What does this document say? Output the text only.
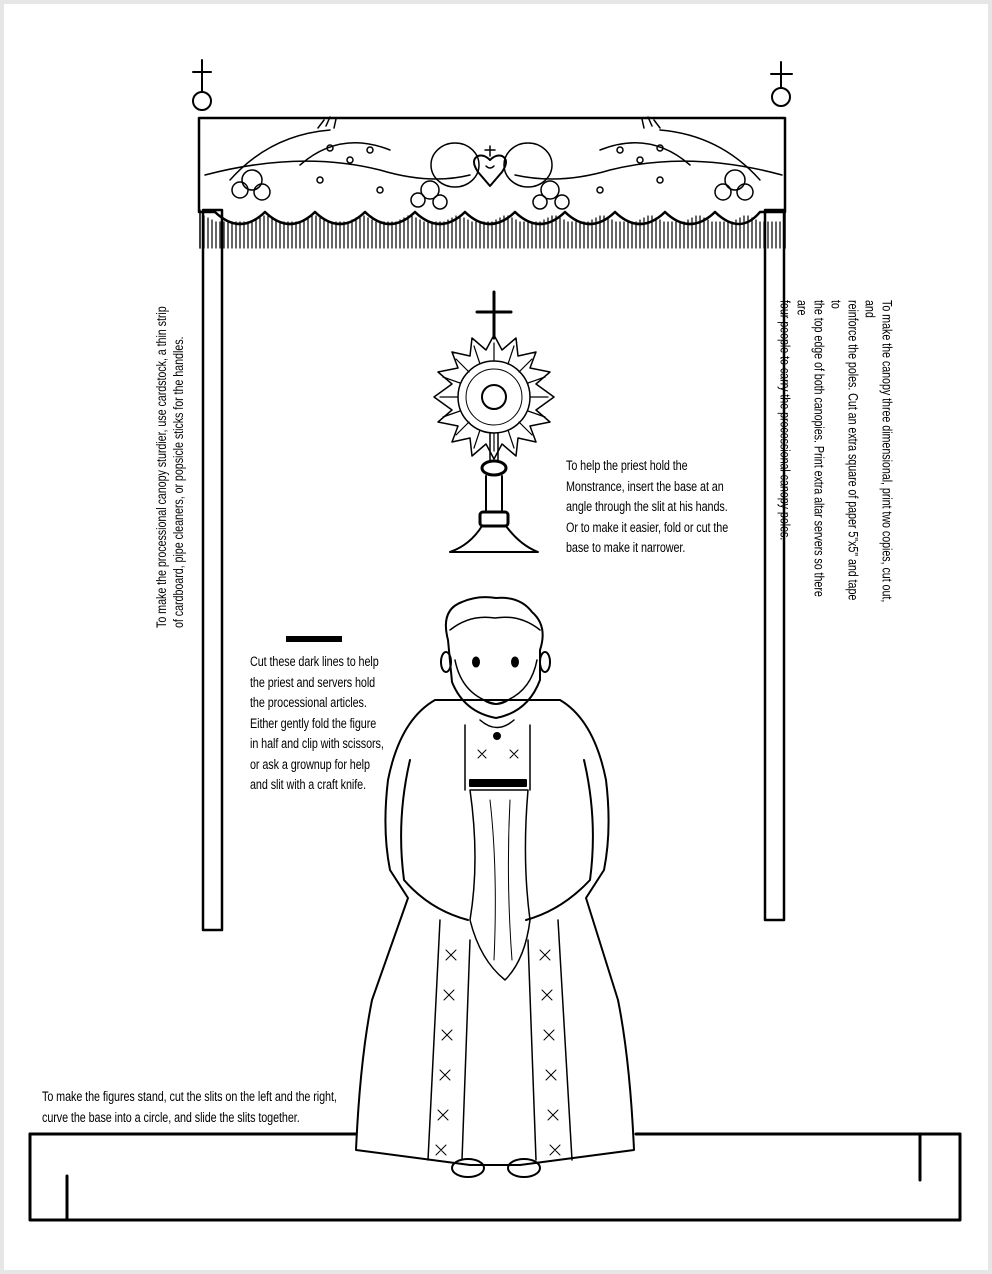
To make the processional canopy sturdier, use cardstock, a thin strip
of cardboard, pipe cleaners, or popsicle sticks for the handles.
To make the canopy three dimensional, print two copies, cut out, and
reinforce the poles. Cut an extra square of paper 5"x5" and tape to
the top edge of both canopies. Print extra altar servers so there are
four people to carry the processional canopy poles.
To help the priest hold the
Monstrance, insert the base at an
angle through the slit at his hands.
Or to make it easier, fold or cut the
base to make it narrower.
Cut these dark lines to help
the priest and servers hold
the processional articles.
Either gently fold the figure
in half and clip with scissors,
or ask a grownup for help
and slit with a craft knife.
To make the figures stand, cut the slits on the left and the right,
curve the base into a circle, and slide the slits together.
